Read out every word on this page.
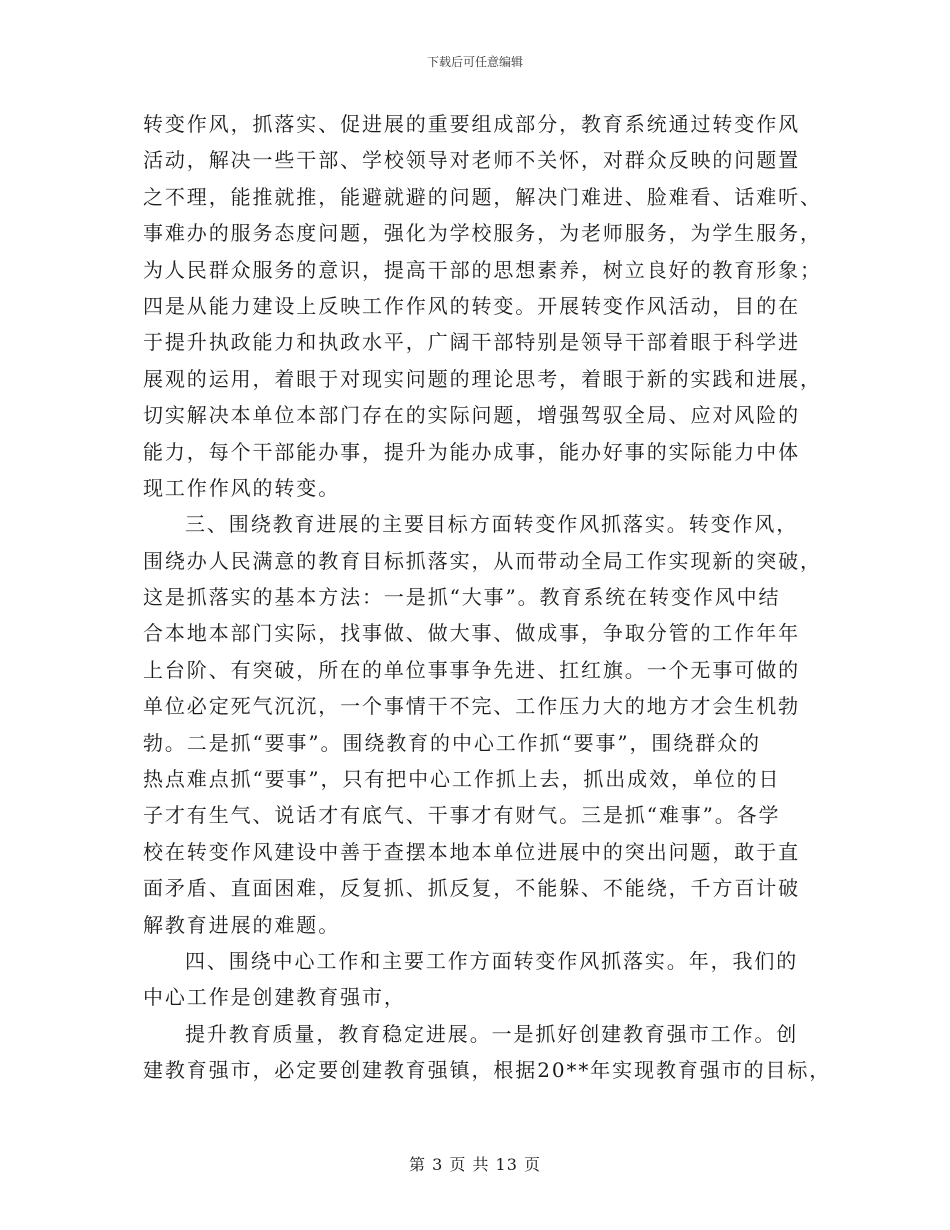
下载后可任意编辑
转变作风，抓落实、促进展的重要组成部分，教育系统通过转变作风
活动，解决一些干部、学校领导对老师不关怀，对群众反映的问题置
之不理，能推就推，能避就避的问题，解决门难进、脸难看、话难听、
事难办的服务态度问题，强化为学校服务，为老师服务，为学生服务，
为人民群众服务的意识，提高干部的思想素养，树立良好的教育形象；
四是从能力建设上反映工作作风的转变。开展转变作风活动，目的在
于提升执政能力和执政水平，广阔干部特别是领导干部着眼于科学进
展观的运用，着眼于对现实问题的理论思考，着眼于新的实践和进展，
切实解决本单位本部门存在的实际问题，增强驾驭全局、应对风险的
能力，每个干部能办事，提升为能办成事，能办好事的实际能力中体
现工作作风的转变。
三、围绕教育进展的主要目标方面转变作风抓落实。转变作风，
围绕办人民满意的教育目标抓落实，从而带动全局工作实现新的突破，
这是抓落实的基本方法：一是抓“大事”。教育系统在转变作风中结
合本地本部门实际，找事做、做大事、做成事，争取分管的工作年年
上台阶、有突破，所在的单位事事争先进、扛红旗。一个无事可做的
单位必定死气沉沉，一个事情干不完、工作压力大的地方才会生机勃
勃。二是抓“要事”。围绕教育的中心工作抓“要事”，围绕群众的
热点难点抓“要事”，只有把中心工作抓上去，抓出成效，单位的日
子才有生气、说话才有底气、干事才有财气。三是抓“难事”。各学
校在转变作风建设中善于查摆本地本单位进展中的突出问题，敢于直
面矛盾、直面困难，反复抓、抓反复，不能躲、不能绕，千方百计破
解教育进展的难题。
四、围绕中心工作和主要工作方面转变作风抓落实。年，我们的
中心工作是创建教育强市，
提升教育质量，教育稳定进展。一是抓好创建教育强市工作。创
建教育强市，必定要创建教育强镇，根据20**年实现教育强市的目标，
第 3 页 共 13 页
